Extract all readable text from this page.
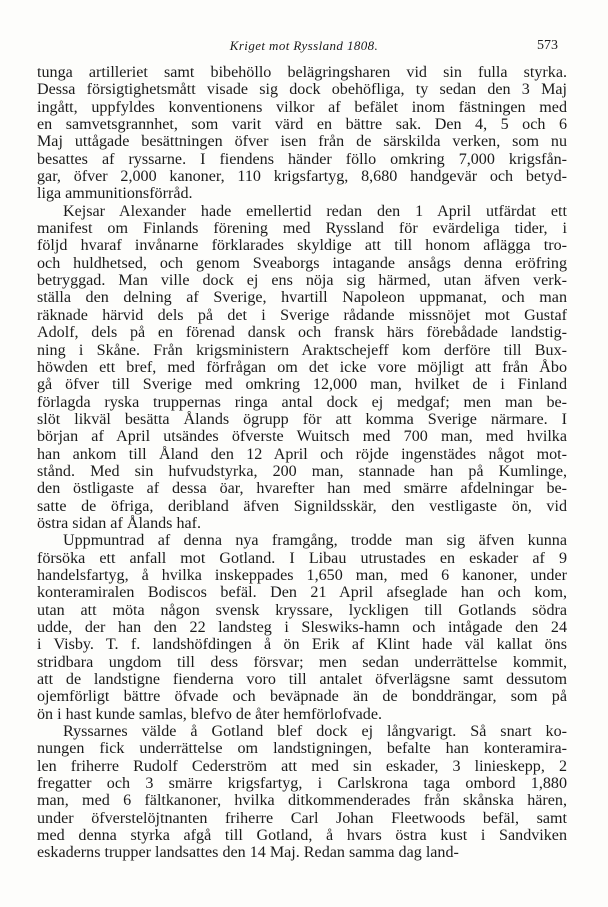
Kriget mot Ryssland 1808.	573
tunga artilleriet samt bibehöllo belägringsharen vid sin fulla styrka.
Dessa försigtighetsmått visade sig dock obehöfliga, ty sedan den 3 Maj
ingått, uppfyldes konventionens vilkor af befälet inom fästningen med
en samvetsgrannhet, som varit värd en bättre sak. Den 4, 5 och 6
Maj uttågade besättningen öfver isen från de särskilda verken, som nu
besattes af ryssarne. I fiendens händer föllo omkring 7,000 krigsfån-
gar, öfver 2,000 kanoner, 110 krigsfartyg, 8,680 handgevär och betyd-
liga ammunitionsförråd.
Kejsar Alexander hade emellertid redan den 1 April utfärdat ett
manifest om Finlands förening med Ryssland för evärdeliga tider, i
följd hvaraf invånarne förklarades skyldige att till honom aflägga tro-
och huldhetsed, och genom Sveaborgs intagande ansågs denna eröfring
betryggad. Man ville dock ej ens nöja sig härmed, utan äfven verk-
ställa den delning af Sverige, hvartill Napoleon uppmanat, och man
räknade härvid dels på det i Sverige rådande missnöjet mot Gustaf
Adolf, dels på en förenad dansk och fransk härs förebådade landstig-
ning i Skåne. Från krigsministern Araktschejeff kom derföre till Bux-
höwden ett bref, med förfrågan om det icke vore möjligt att från Åbo
gå öfver till Sverige med omkring 12,000 man, hvilket de i Finland
förlagda ryska truppernas ringa antal dock ej medgaf; men man be-
slöt likväl besätta Ålands ögrupp för att komma Sverige närmare. I
början af April utsändes öfverste Wuitsch med 700 man, med hvilka
han ankom till Åland den 12 April och röjde ingenstädes något mot-
stånd. Med sin hufvudstyrka, 200 man, stannade han på Kumlinge,
den östligaste af dessa öar, hvarefter han med smärre afdelningar be-
satte de öfriga, deribland äfven Signildsskär, den vestligaste ön, vid
östra sidan af Ålands haf.
Uppmuntrad af denna nya framgång, trodde man sig äfven kunna
försöka ett anfall mot Gotland. I Libau utrustades en eskader af 9
handelsfartyg, å hvilka inskeppades 1,650 man, med 6 kanoner, under
konteramiralen Bodiscos befäl. Den 21 April afseglade han och kom,
utan att möta någon svensk kryssare, lyckligen till Gotlands södra
udde, der han den 22 landsteg i Sleswiks-hamn och intågade den 24
i Visby. T. f. landshöfdingen å ön Erik af Klint hade väl kallat öns
stridbara ungdom till dess försvar; men sedan underrättelse kommit,
att de landstigne fienderna voro till antalet öfverlägsne samt dessutom
ojemförligt bättre öfvade och beväpnade än de bonddrängar, som på
ön i hast kunde samlas, blefvo de åter hemförlofvade.
Ryssarnes välde å Gotland blef dock ej långvarigt. Så snart ko-
nungen fick underrättelse om landstigningen, befalte han konteramira-
len friherre Rudolf Cederström att med sin eskader, 3 linieskepp, 2
fregatter och 3 smärre krigsfartyg, i Carlskrona taga ombord 1,880
man, med 6 fältkanoner, hvilka ditkommenderades från skånska hären,
under öfverstelöjtnanten friherre Carl Johan Fleetwoods befäl, samt
med denna styrka afgå till Gotland, å hvars östra kust i Sandviken
eskaderns trupper landsattes den 14 Maj. Redan samma dag land-
